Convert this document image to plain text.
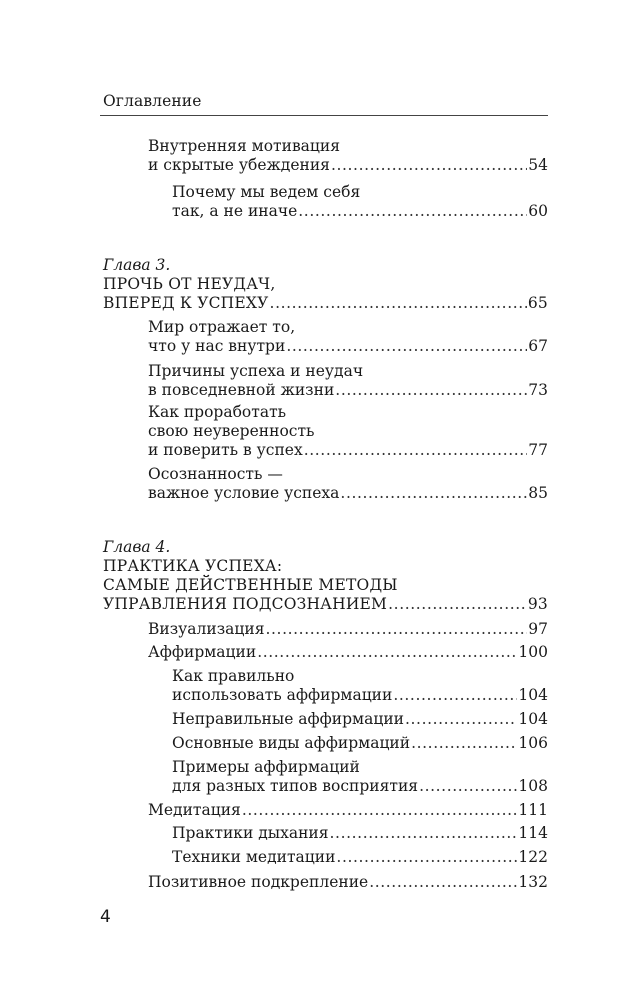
Оглавление
Внутренняя мотивация
и скрытые убеждения .....	54
Почему мы ведем себя
так, а не иначе .....	60
Глава 3.
ПРОЧЬ ОТ НЕУДАЧ,
ВПЕРЕД К УСПЕХУ .....	65
Мир отражает то,
что у нас внутри .....	67
Причины успеха и неудач
в повседневной жизни .....	73
Как проработать
свою неуверенность
и поверить в успех .....	77
Осознанность —
важное условие успеха .....	85
Глава 4.
ПРАКТИКА УСПЕХА:
САМЫЕ ДЕЙСТВЕННЫЕ МЕТОДЫ
УПРАВЛЕНИЯ ПОДСОЗНАНИЕМ .....	93
Визуализация .....	97
Аффирмации .....	100
Как правильно
использовать аффирмации .....	104
Неправильные аффирмации .....	104
Основные виды аффирмаций .....	106
Примеры аффирмаций
для разных типов восприятия .....	108
Медитация .....	111
Практики дыхания .....	114
Техники медитации .....	122
Позитивное подкрепление .....	132
4
